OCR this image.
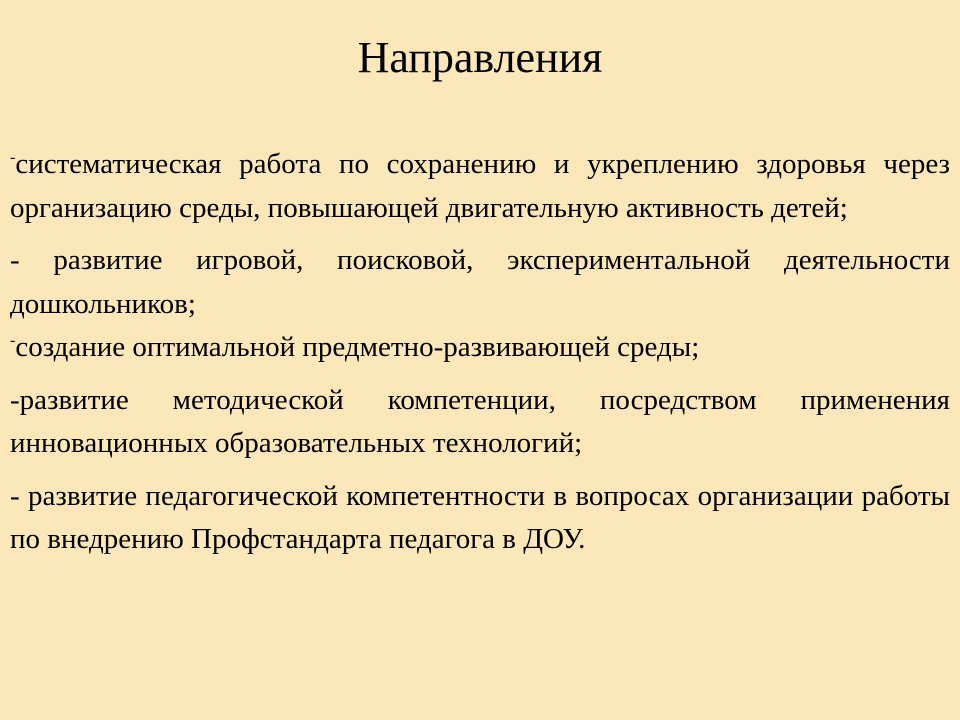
Направления

-систематическая работа по сохранению и укреплению здоровья через организацию среды, повышающей двигательную активность детей;

- развитие игровой, поисковой, экспериментальной деятельности дошкольников;

-создание оптимальной предметно-развивающей среды;

-развитие методической компетенции, посредством применения инновационных образовательных технологий;

- развитие педагогической компетентности в вопросах организации работы по внедрению Профстандарта педагога в ДОУ.
